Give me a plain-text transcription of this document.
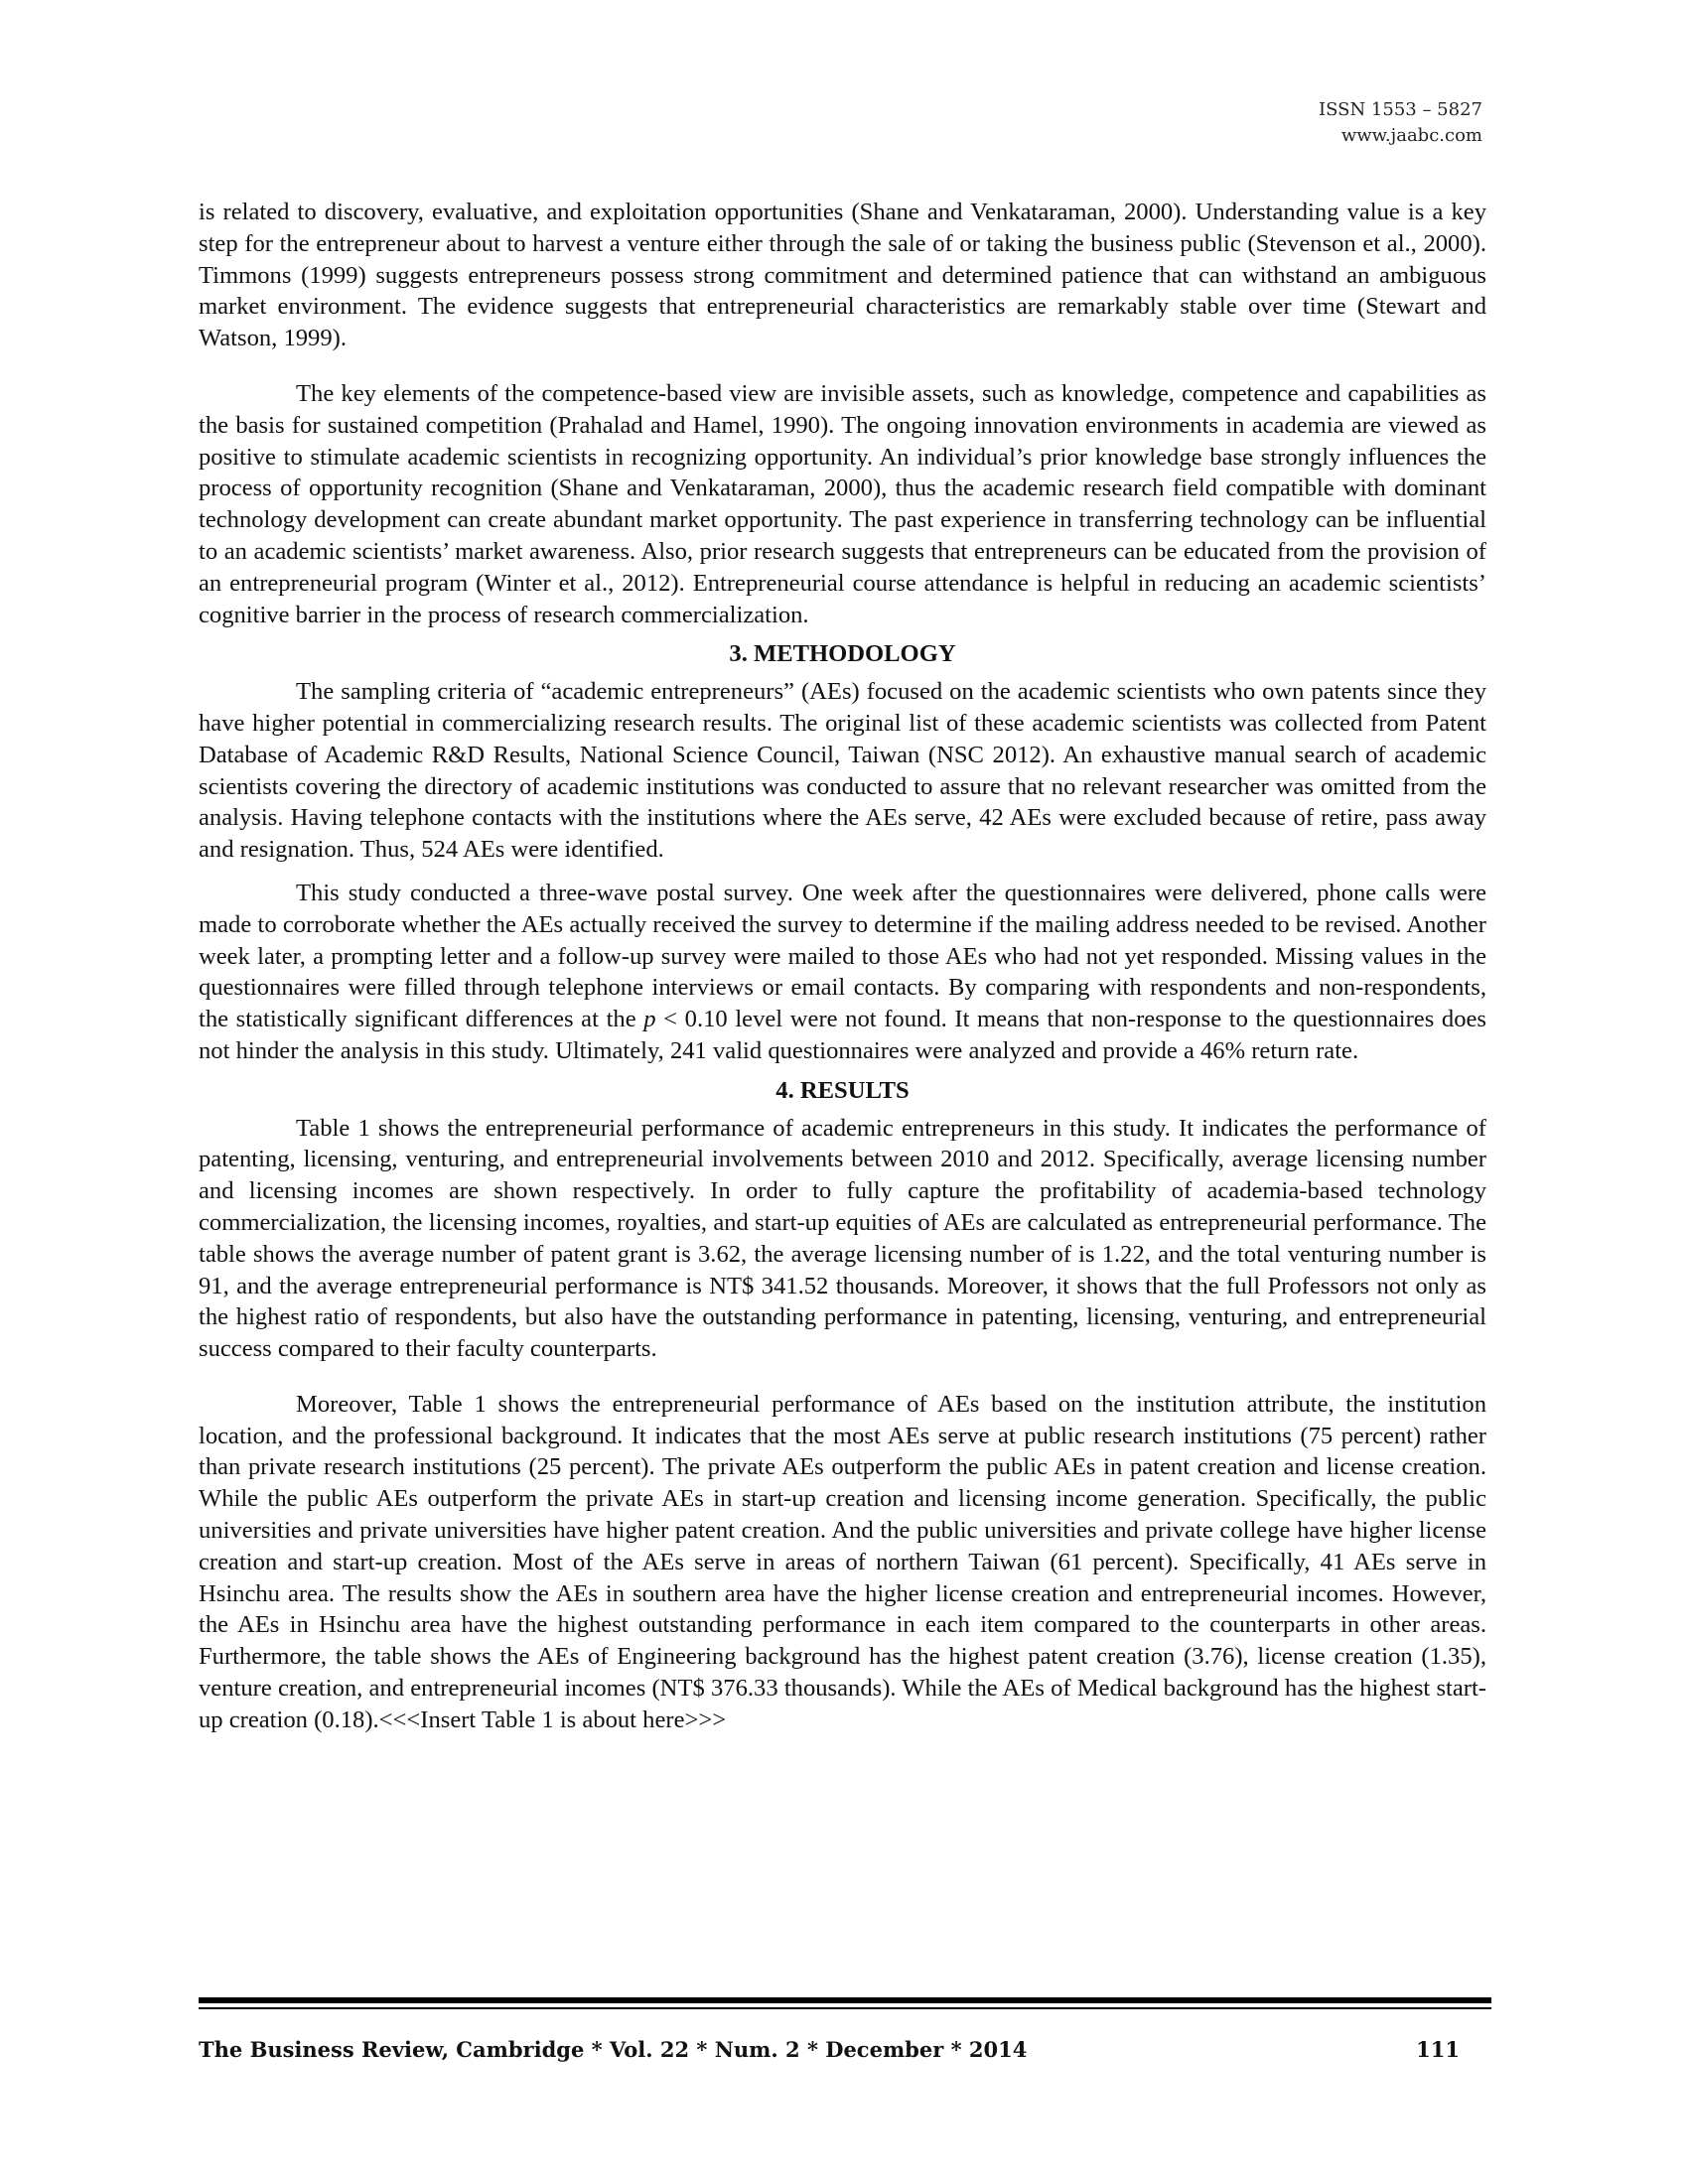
ISSN 1553 – 5827
www.jaabc.com

is related to discovery, evaluative, and exploitation opportunities (Shane and Venkataraman, 2000). Understanding value is a key step for the entrepreneur about to harvest a venture either through the sale of or taking the business public (Stevenson et al., 2000). Timmons (1999) suggests entrepreneurs possess strong commitment and determined patience that can withstand an ambiguous market environment. The evidence suggests that entrepreneurial characteristics are remarkably stable over time (Stewart and Watson, 1999).

The key elements of the competence-based view are invisible assets, such as knowledge, competence and capabilities as the basis for sustained competition (Prahalad and Hamel, 1990). The ongoing innovation environments in academia are viewed as positive to stimulate academic scientists in recognizing opportunity. An individual’s prior knowledge base strongly influences the process of opportunity recognition (Shane and Venkataraman, 2000), thus the academic research field compatible with dominant technology development can create abundant market opportunity. The past experience in transferring technology can be influential to an academic scientists’ market awareness. Also, prior research suggests that entrepreneurs can be educated from the provision of an entrepreneurial program (Winter et al., 2012). Entrepreneurial course attendance is helpful in reducing an academic scientists’ cognitive barrier in the process of research commercialization.

3. METHODOLOGY

The sampling criteria of “academic entrepreneurs” (AEs) focused on the academic scientists who own patents since they have higher potential in commercializing research results. The original list of these academic scientists was collected from Patent Database of Academic R&D Results, National Science Council, Taiwan (NSC 2012). An exhaustive manual search of academic scientists covering the directory of academic institutions was conducted to assure that no relevant researcher was omitted from the analysis. Having telephone contacts with the institutions where the AEs serve, 42 AEs were excluded because of retire, pass away and resignation. Thus, 524 AEs were identified.

This study conducted a three-wave postal survey. One week after the questionnaires were delivered, phone calls were made to corroborate whether the AEs actually received the survey to determine if the mailing address needed to be revised. Another week later, a prompting letter and a follow-up survey were mailed to those AEs who had not yet responded. Missing values in the questionnaires were filled through telephone interviews or email contacts. By comparing with respondents and non-respondents, the statistically significant differences at the p < 0.10 level were not found. It means that non-response to the questionnaires does not hinder the analysis in this study. Ultimately, 241 valid questionnaires were analyzed and provide a 46% return rate.

4. RESULTS

Table 1 shows the entrepreneurial performance of academic entrepreneurs in this study. It indicates the performance of patenting, licensing, venturing, and entrepreneurial involvements between 2010 and 2012. Specifically, average licensing number and licensing incomes are shown respectively. In order to fully capture the profitability of academia-based technology commercialization, the licensing incomes, royalties, and start-up equities of AEs are calculated as entrepreneurial performance. The table shows the average number of patent grant is 3.62, the average licensing number of is 1.22, and the total venturing number is 91, and the average entrepreneurial performance is NT$ 341.52 thousands. Moreover, it shows that the full Professors not only as the highest ratio of respondents, but also have the outstanding performance in patenting, licensing, venturing, and entrepreneurial success compared to their faculty counterparts.

Moreover, Table 1 shows the entrepreneurial performance of AEs based on the institution attribute, the institution location, and the professional background. It indicates that the most AEs serve at public research institutions (75 percent) rather than private research institutions (25 percent). The private AEs outperform the public AEs in patent creation and license creation. While the public AEs outperform the private AEs in start-up creation and licensing income generation. Specifically, the public universities and private universities have higher patent creation. And the public universities and private college have higher license creation and start-up creation. Most of the AEs serve in areas of northern Taiwan (61 percent). Specifically, 41 AEs serve in Hsinchu area. The results show the AEs in southern area have the higher license creation and entrepreneurial incomes. However, the AEs in Hsinchu area have the highest outstanding performance in each item compared to the counterparts in other areas. Furthermore, the table shows the AEs of Engineering background has the highest patent creation (3.76), license creation (1.35), venture creation, and entrepreneurial incomes (NT$ 376.33 thousands). While the AEs of Medical background has the highest start-up creation (0.18).<<<Insert Table 1 is about here>>>

The Business Review, Cambridge * Vol. 22 * Num. 2 * December * 2014	111
